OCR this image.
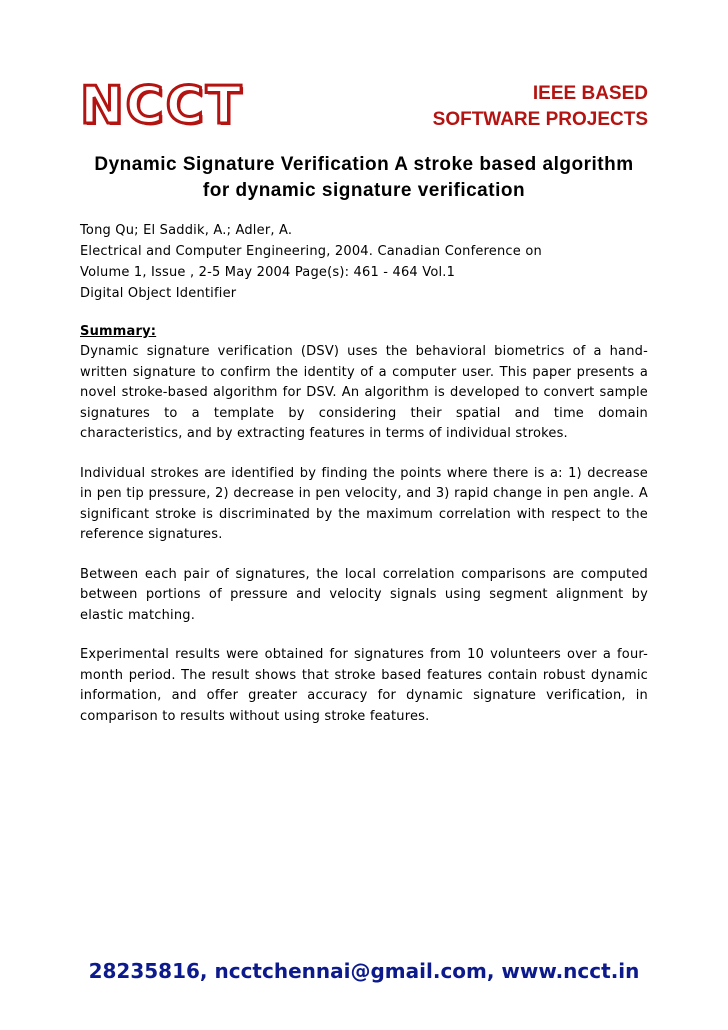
NCCT	IEEE BASED
SOFTWARE PROJECTS
Dynamic Signature Verification A stroke based algorithm for dynamic signature verification
Tong Qu; El Saddik, A.; Adler, A.
Electrical and Computer Engineering, 2004. Canadian Conference on
Volume 1, Issue , 2-5 May 2004 Page(s): 461 - 464 Vol.1
Digital Object Identifier
Summary:

Dynamic signature verification (DSV) uses the behavioral biometrics of a hand-written signature to confirm the identity of a computer user. This paper presents a novel stroke-based algorithm for DSV. An algorithm is developed to convert sample signatures to a template by considering their spatial and time domain characteristics, and by extracting features in terms of individual strokes.

Individual strokes are identified by finding the points where there is a: 1) decrease in pen tip pressure, 2) decrease in pen velocity, and 3) rapid change in pen angle. A significant stroke is discriminated by the maximum correlation with respect to the reference signatures.

Between each pair of signatures, the local correlation comparisons are computed between portions of pressure and velocity signals using segment alignment by elastic matching.

Experimental results were obtained for signatures from 10 volunteers over a four-month period. The result shows that stroke based features contain robust dynamic information, and offer greater accuracy for dynamic signature verification, in comparison to results without using stroke features.

28235816, ncctchennai@gmail.com, www.ncct.in
